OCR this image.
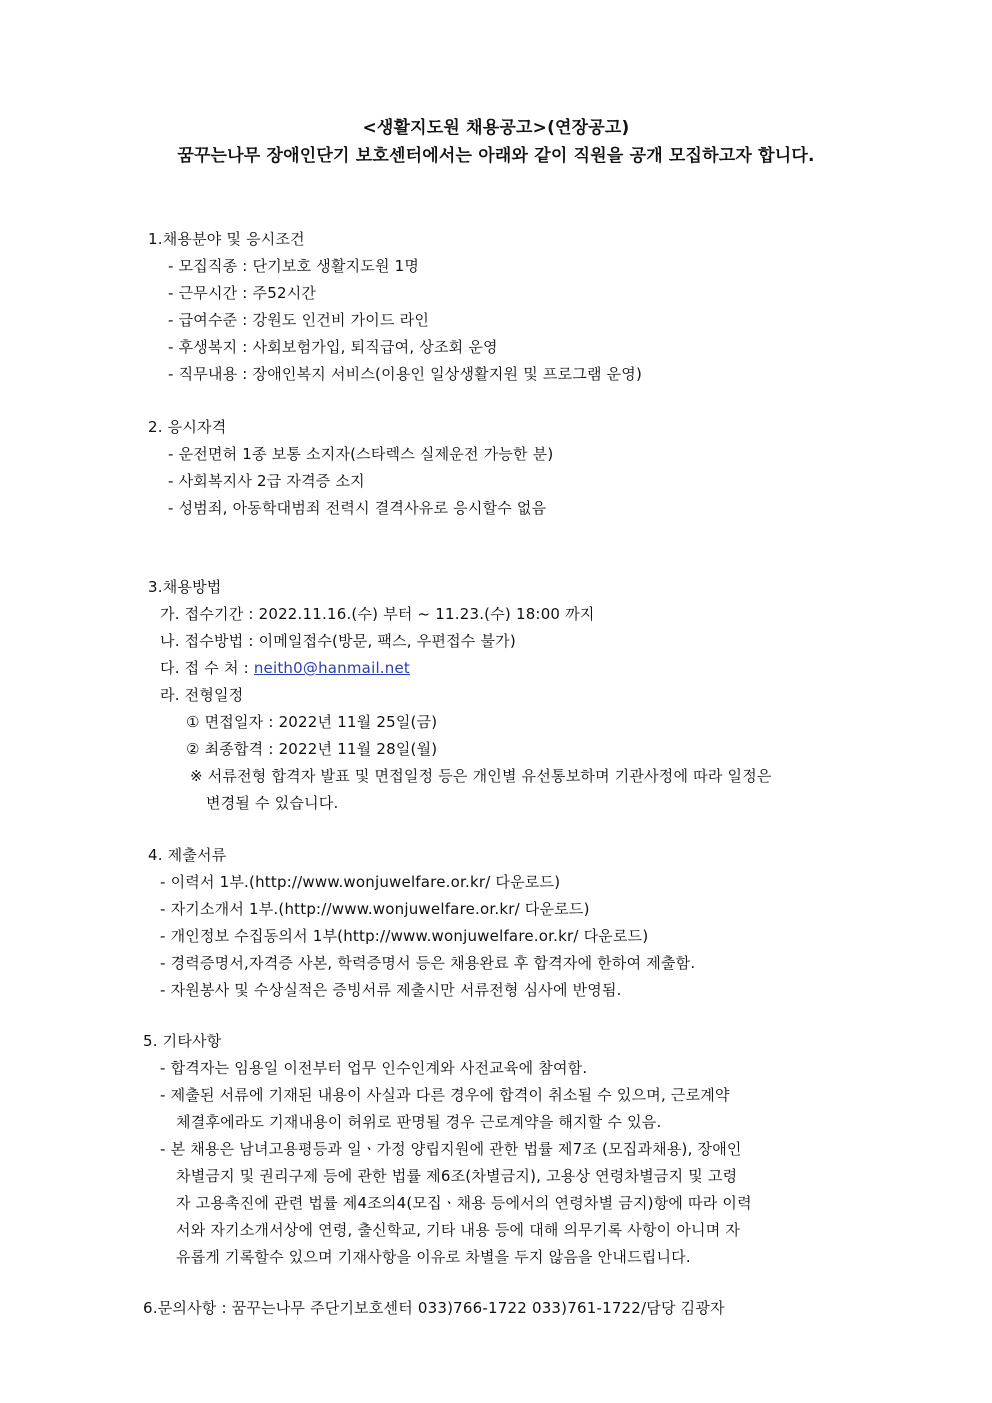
<생활지도원 채용공고>(연장공고)
꿈꾸는나무 장애인단기 보호센터에서는 아래와 같이 직원을 공개 모집하고자 합니다.
1.채용분야 및 응시조건
- 모집직종 : 단기보호 생활지도원 1명
- 근무시간 : 주52시간
- 급여수준 : 강원도 인건비 가이드 라인
- 후생복지 : 사회보험가입, 퇴직급여, 상조회 운영
- 직무내용 : 장애인복지 서비스(이용인 일상생활지원 및 프로그램 운영)
2. 응시자격
- 운전면허 1종 보통 소지자(스타렉스 실제운전 가능한 분)
- 사회복지사 2급 자격증 소지
- 성범죄, 아동학대범죄 전력시 결격사유로 응시할수 없음
3.채용방법
가. 접수기간 : 2022.11.16.(수) 부터 ~ 11.23.(수) 18:00 까지
나. 접수방법 : 이메일접수(방문, 팩스, 우편접수 불가)
다. 접 수 처 : neith0@hanmail.net
라. 전형일정
① 면접일자 : 2022년 11월 25일(금)
② 최종합격 : 2022년 11월 28일(월)
※ 서류전형 합격자 발표 및 면접일정 등은 개인별 유선통보하며 기관사정에 따라 일정은
변경될 수 있습니다.
4. 제출서류
- 이력서 1부.(http://www.wonjuwelfare.or.kr/ 다운로드)
- 자기소개서 1부.(http://www.wonjuwelfare.or.kr/ 다운로드)
- 개인정보 수집동의서 1부(http://www.wonjuwelfare.or.kr/ 다운로드)
- 경력증명서,자격증 사본, 학력증명서 등은 채용완료 후 합격자에 한하여 제출함.
- 자원봉사 및 수상실적은 증빙서류 제출시만 서류전형 심사에 반영됨.
5. 기타사항
- 합격자는 임용일 이전부터 업무 인수인계와 사전교육에 참여함.
- 제출된 서류에 기재된 내용이 사실과 다른 경우에 합격이 취소될 수 있으며, 근로계약
체결후에라도 기재내용이 허위로 판명될 경우 근로계약을 해지할 수 있음.
- 본 채용은 남녀고용평등과 일ㆍ가정 양립지원에 관한 법률 제7조 (모집과채용), 장애인
차별금지 및 권리구제 등에 관한 법률 제6조(차별금지), 고용상 연령차별금지 및 고령
자 고용촉진에 관련 법률 제4조의4(모집ㆍ채용 등에서의 연령차별 금지)항에 따라 이력
서와 자기소개서상에 연령, 출신학교, 기타 내용 등에 대해 의무기록 사항이 아니며 자
유롭게 기록할수 있으며 기재사항을 이유로 차별을 두지 않음을 안내드립니다.
6.문의사항 : 꿈꾸는나무 주단기보호센터 033)766-1722 033)761-1722/담당 김광자
